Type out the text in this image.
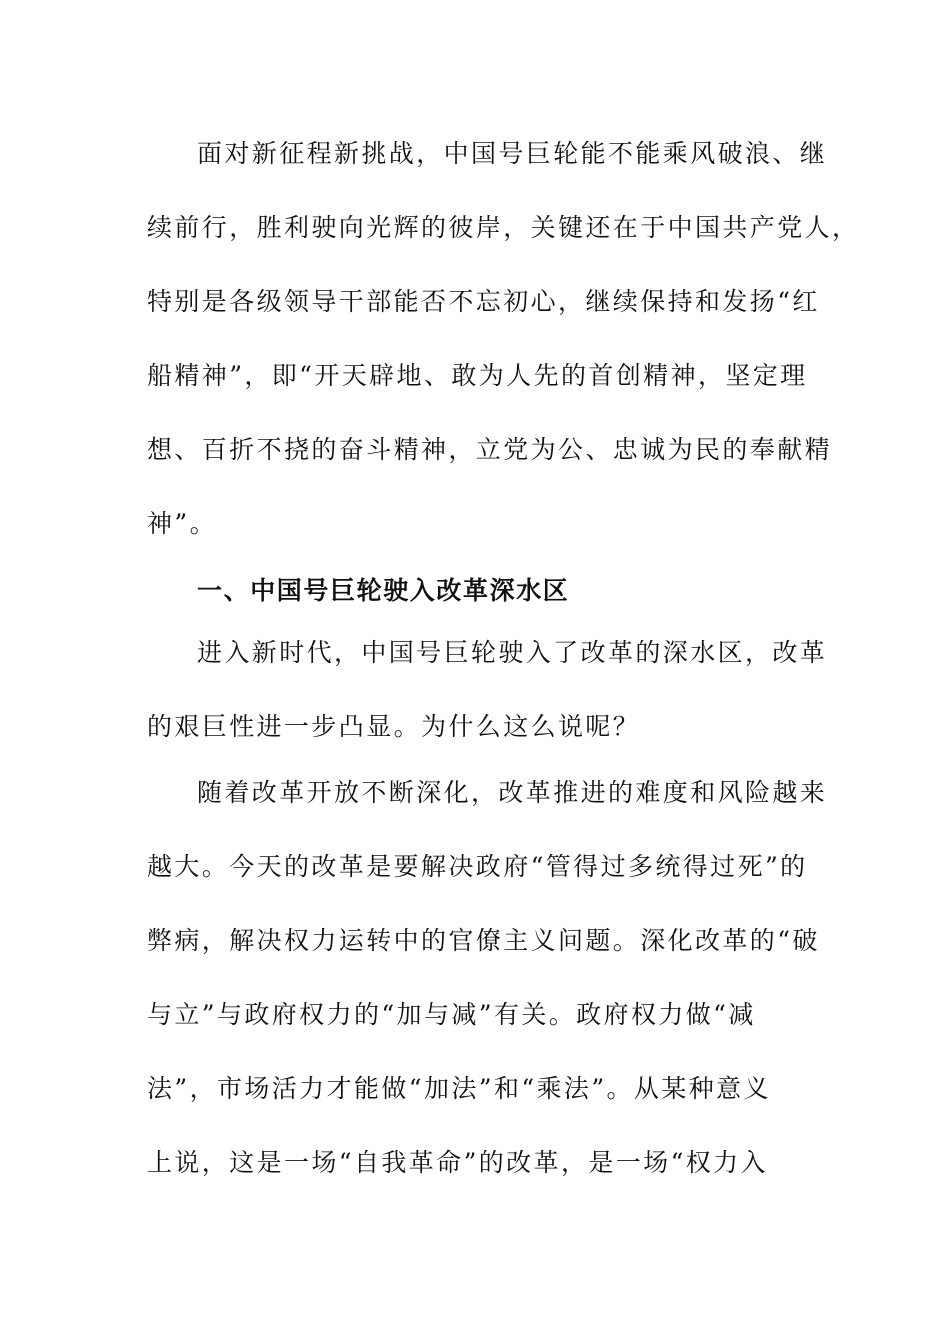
面对新征程新挑战，中国号巨轮能不能乘风破浪、继
续前行，胜利驶向光辉的彼岸，关键还在于中国共产党人，
特别是各级领导干部能否不忘初心，继续保持和发扬“红
船精神”，即“开天辟地、敢为人先的首创精神，坚定理
想、百折不挠的奋斗精神，立党为公、忠诚为民的奉献精
神”。
一、中国号巨轮驶入改革深水区
进入新时代，中国号巨轮驶入了改革的深水区，改革
的艰巨性进一步凸显。为什么这么说呢？
随着改革开放不断深化，改革推进的难度和风险越来
越大。今天的改革是要解决政府“管得过多统得过死”的
弊病，解决权力运转中的官僚主义问题。深化改革的“破
与立”与政府权力的“加与减”有关。政府权力做“减
法”，市场活力才能做“加法”和“乘法”。从某种意义
上说，这是一场“自我革命”的改革，是一场“权力入
